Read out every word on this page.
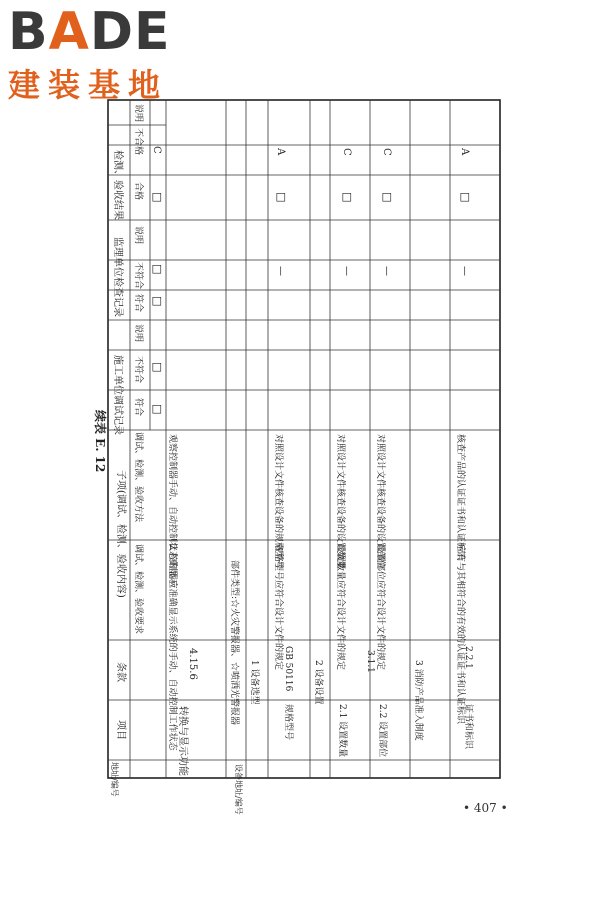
BADE
建装基地
续表 E. 12
检测、验收结果
监理单位检查记录
施工单位调试记录
子项(调试、检测、验收内容)
条款
项目
地址/编号
说明
不合格
合格
说明
不符合
符合
说明
不符合
符合
调试、检测、验收方法
调试、检测、验收要求
C
□
□
□
□
□
观察控制器手动、自动控制状态的显示
2 控制器应准确显示系统的手动、自动控制工作状态 4.15.6
转换与显示功能
部件类型:☆火灾警报器、☆喷洒光警报器
设备地址/编号
1 设备选型
A
□
—
对照设计文件核查设备的规格型号
规格型号应符合设计文件的规定 GB 50116
规格型号
2 设备设置
C
□
—
对照设计文件核查设备的设置数量
设置数量应符合设计文件的规定
2.1 设置数量
3.1.1
C
□
—
对照设计文件核查设备的设置部位
设置部位应符合设计文件的规定
2.2 设置部位	3 消防产品准入制度
A
□
—
核查产品的认证证书和认证标识
应有与其相符合的有效的认证证书和认证标识
2.2.1
证书和标识
• 407 •
